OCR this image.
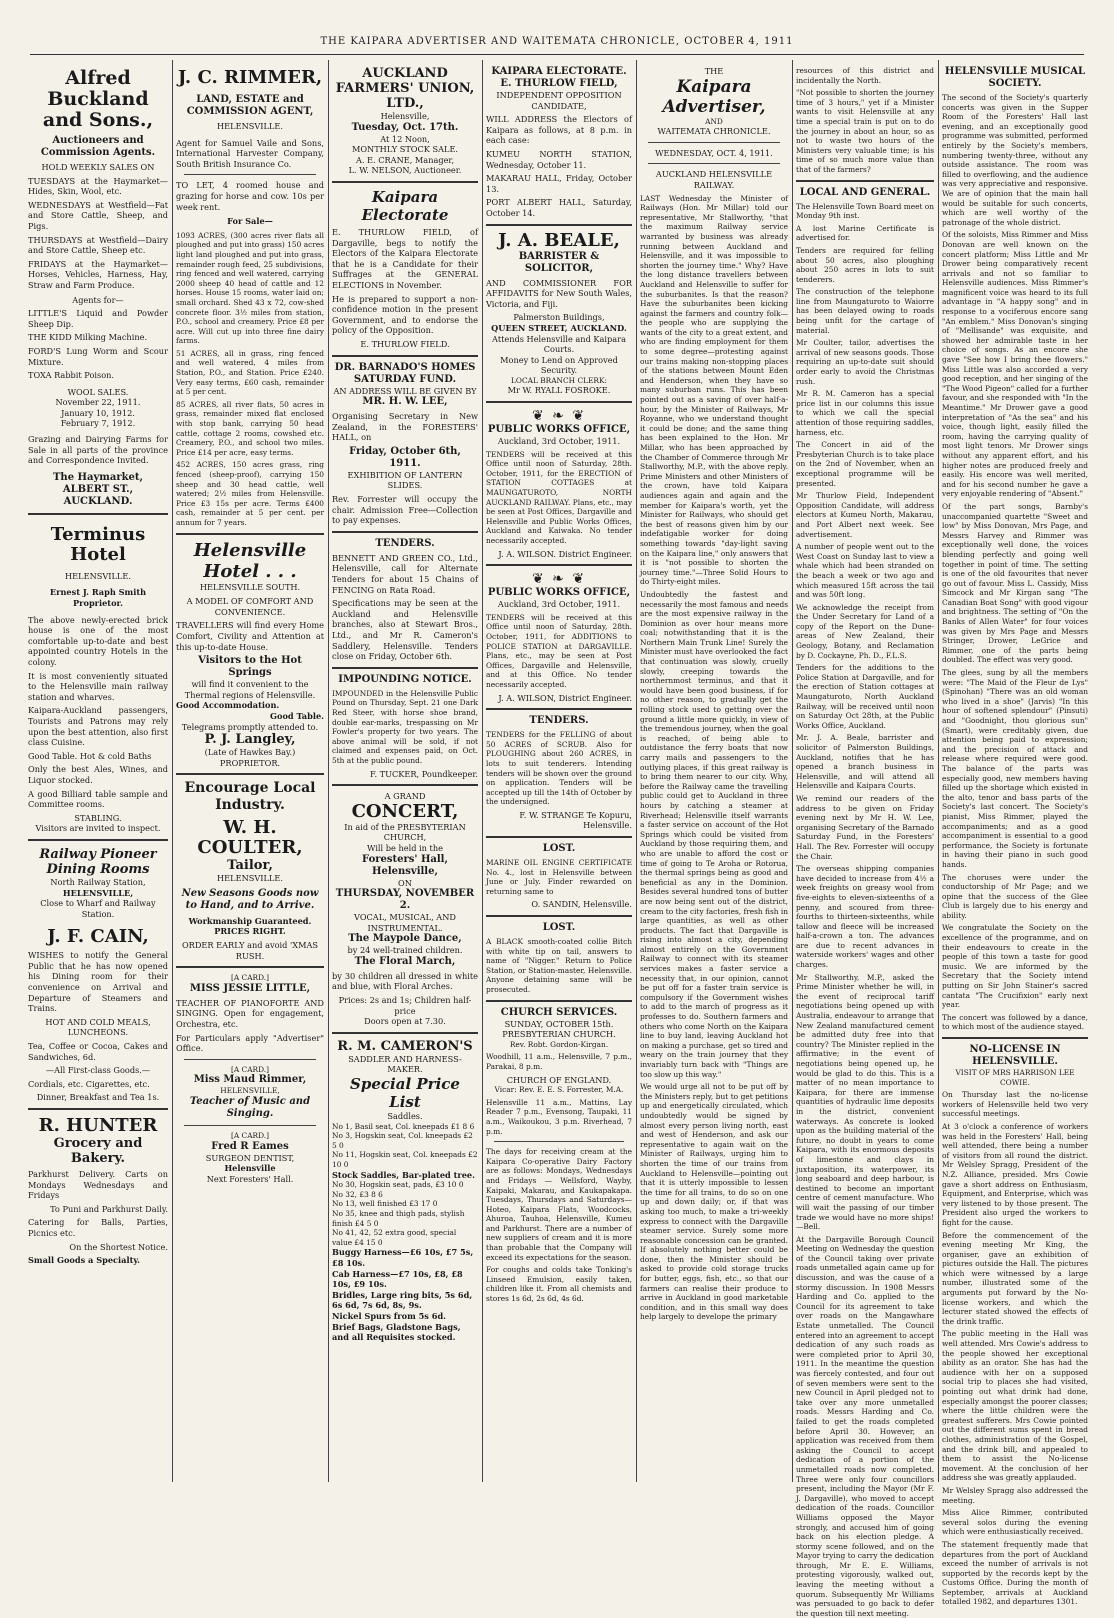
THE KAIPARA ADVERTISER AND WAITEMATA CHRONICLE, OCTOBER 4, 1911
Alfred Buckland and Sons.,
Auctioneers and Commission Agents.
HOLD WEEKLY SALES ON
TUESDAYS at the Haymarket—Hides, Skin, Wool, etc.
WEDNESDAYS at Westfield—Fat and Store Cattle, Sheep, and Pigs.
THURSDAYS at Westfield—Dairy and Store Cattle, Sheep etc.
FRIDAYS at the Haymarket—Horses, Vehicles, Harness, Hay, Straw and Farm Produce.
Agents for—
LITTLE'S Liquid and Powder Sheep Dip.
THE KIDD Milking Machine.
FORD'S Lung Worm and Scour Mixture.
TOXA Rabbit Poison.
WOOL SALES.
November 22, 1911.
January 10, 1912.
February 7, 1912.
Grazing and Dairying Farms for Sale in all parts of the province and Correspondence Invited.
The Haymarket,
ALBERT ST., AUCKLAND.
Terminus Hotel
HELENSVILLE.
Ernest J. Raph Smith Proprietor.
The above newly-erected brick house is one of the most comfortable up-to-date and best appointed country Hotels in the colony.
It is most conveniently situated to the Helensville main railway station and wharves.
Kaipara-Auckland passengers, Tourists and Patrons may rely upon the best attention, also first class Cuisine.
Good Table. Hot & cold Baths
Only the best Ales, Wines, and Liquor stocked.
A good Billiard table sample and Committee rooms.
STABLING.
Visitors are invited to inspect.
Railway Pioneer Dining Rooms
North Railway Station,
HELENSVILLE,
Close to Wharf and Railway Station.
J. F. CAIN,
WISHES to notify the General Public that he has now opened his Dining room for their convenience on Arrival and Departure of Steamers and Trains.
HOT AND COLD MEALS, LUNCHEONS.
Tea, Coffee or Cocoa, Cakes and Sandwiches, 6d.
—All First-class Goods.—
Cordials, etc. Cigarettes, etc.
Dinner, Breakfast and Tea 1s.
R. HUNTER
Grocery and Bakery.
Parkhurst Delivery. Carts on Mondays Wednesdays and Fridays
To Puni and Parkhurst Daily.
Catering for Balls, Parties, Picnics etc.
On the Shortest Notice.
Small Goods a Specialty.
J. C. RIMMER,
LAND, ESTATE and COMMISSION AGENT,
HELENSVILLE.
Agent for Samuel Vaile and Sons, International Harvester Company, South British Insurance Co.
TO LET, 4 roomed house and grazing for horse and cow. 10s per week rent.
For Sale—
1093 ACRES, (300 acres river flats all ploughed and put into grass) 150 acres light land ploughed and put into grass, remainder rough feed, 25 subdivisions, ring fenced and well watered, carrying 2000 sheep 40 head of cattle and 12 horses. House 15 rooms, water laid on; small orchard. Shed 43 x 72, cow-shed concrete floor. 3½ miles from station, P.O., school and creamery. Price £8 per acre. Will cut up into three fine dairy farms.
51 ACRES, all in grass, ring fenced and well watered, 4 miles from Station, P.O., and Station. Price £240. Very easy terms, £60 cash, remainder at 5 per cent.
85 ACRES, all river flats, 50 acres in grass, remainder mixed flat enclosed with stop bank, carrying 50 head cattle, cottage 2 rooms, cowshed etc. Creamery, P.O., and school two miles. Price £14 per acre, easy terms.
452 ACRES, 150 acres grass, ring fenced (sheep-proof), carrying 150 sheep and 30 head cattle, well watered; 2½ miles from Helensville. Price £3 15s per acre. Terms £400 cash, remainder at 5 per cent. per annum for 7 years.
Helensville Hotel . . .
HELENSVILLE SOUTH.
A MODEL OF COMFORT AND CONVENIENCE.
TRAVELLERS will find every Home Comfort, Civility and Attention at this up-to-date House.
Visitors to the Hot Springs
will find it convenient to the Thermal regions of Helensville.
Good Accommodation.
Good Table.
Telegrams promptly attended to.
P. J. Langley,
(Late of Hawkes Bay.)
PROPRIETOR.
Encourage Local Industry.
W. H. COULTER,
Tailor,
HELENSVILLE.
New Seasons Goods now to Hand, and to Arrive.
Workmanship Guaranteed. PRICES RIGHT.
ORDER EARLY and avoid 'XMAS RUSH.
[A CARD.]
MISS JESSIE LITTLE,
TEACHER OF PIANOFORTE AND SINGING. Open for engagement, Orchestra, etc.
For Particulars apply "Advertiser" Office.
[A CARD.]
Miss Maud Rimmer,
HELENSVILLE,
Teacher of Music and Singing.
[A CARD.]
Fred R Eames
SURGEON DENTIST,
Helensville
Next Foresters' Hall.
AUCKLAND FARMERS' UNION, LTD.,
Helensville,
Tuesday, Oct. 17th.
At 12 Noon,
MONTHLY STOCK SALE.
A. E. CRANE, Manager,
L. W. NELSON, Auctioneer.
Kaipara Electorate
E. THURLOW FIELD, of Dargaville, begs to notify the Electors of the Kaipara Electorate that he is a Candidate for their Suffrages at the GENERAL ELECTIONS in November.
He is prepared to support a non-confidence motion in the present Government, and to endorse the policy of the Opposition.
E. THURLOW FIELD.
DR. BARNADO'S HOMES SATURDAY FUND.
AN ADDRESS WILL BE GIVEN BY
MR. H. W. LEE,
Organising Secretary in New Zealand, in the FORESTERS' HALL, on
Friday, October 6th, 1911.
EXHIBITION OF LANTERN SLIDES.
Rev. Forrester will occupy the chair. Admission Free—Collection to pay expenses.
TENDERS.
BENNETT AND GREEN CO., Ltd., Helensville, call for Alternate Tenders for about 15 Chains of FENCING on Rata Road.
Specifications may be seen at the Auckland and Helensville branches, also at Stewart Bros., Ltd., and Mr R. Cameron's Saddlery, Helensville. Tenders close on Friday, October 6th.
IMPOUNDING NOTICE.
IMPOUNDED in the Helensville Public Pound on Thursday, Sept. 21 one Dark Red Steer, with horse shoe brand, double ear-marks, trespassing on Mr Fowler's property for two years. The above animal will be sold, if not claimed and expenses paid, on Oct. 5th at the public pound.
F. TUCKER, Poundkeeper.
A GRAND
CONCERT,
In aid of the PRESBYTERIAN CHURCH,
Will be held in the
Foresters' Hall, Helensville,
ON
THURSDAY, NOVEMBER 2.
VOCAL, MUSICAL, AND INSTRUMENTAL.
The Maypole Dance,
by 24 well-trained children.
The Floral March,
by 30 children all dressed in white and blue, with Floral Arches.
Prices: 2s and 1s; Children half-price
Doors open at 7.30.
R. M. CAMERON'S
SADDLER AND HARNESS-MAKER.
Special Price List
Saddles.
No 1, Basil seat, Col. kneepads £1 8 6
No 3, Hogskin seat, Col. kneepads £2 5 0
No 11, Hogskin seat, Col. kneepads £2 10 0
Stock Saddles, Bar-plated tree.
No 30, Hogskin seat, pads, £3 10 0
No 32, £3 8 6
No 13, well finished £3 17 0
No 35, knee and thigh pads, stylish finish £4 5 0
No 41, 42, 52 extra good, special value £4 15 0
Buggy Harness—£6 10s, £7 5s, £8 10s.
Cab Harness—£7 10s, £8, £8 10s, £9 10s.
Bridles, Large ring bits, 5s 6d, 6s 6d, 7s 6d, 8s, 9s.
Nickel Spurs from 5s 6d.
Brief Bags, Gladstone Bags, and all Requisites stocked.
KAIPARA ELECTORATE.
E. THURLOW FIELD,
INDEPENDENT OPPOSITION CANDIDATE,
WILL ADDRESS the Electors of Kaipara as follows, at 8 p.m. in each case:
KUMEU NORTH STATION, Wednesday, October 11.
MAKARAU HALL, Friday, October 13.
PORT ALBERT HALL, Saturday, October 14.
J. A. BEALE,
BARRISTER & SOLICITOR,
AND COMMISSIONER FOR AFFIDAVITS for New South Wales, Victoria, and Fiji.
Palmerston Buildings,
QUEEN STREET, AUCKLAND.
Attends Helensville and Kaipara Courts.
Money to Lend on Approved Security.
LOCAL BRANCH CLERK:
Mr W. RYALL FOSROKE.
❦ ❧ ❦
PUBLIC WORKS OFFICE,
Auckland, 3rd October, 1911.
TENDERS will be received at this Office until noon of Saturday, 28th. October, 1911, for the ERECTION of STATION COTTAGES at MAUNGATUROTO, NORTH AUCKLAND RAILWAY. Plans, etc., may be seen at Post Offices, Dargaville and Helensville and Public Works Offices, Auckland and Kaiwaka. No tender necessarily accepted.
J. A. WILSON. District Engineer.
❦ ❧ ❦
PUBLIC WORKS OFFICE,
Auckland, 3rd October, 1911.
TENDERS will be received at this Office until noon of Saturday, 28th. October, 1911, for ADDITIONS to POLICE STATION at DARGAVILLE. Plans, etc., may be seen at Post Offices, Dargaville and Helensville, and at this Office. No tender necessarily accepted.
J. A. WILSON, District Engineer.
TENDERS.
TENDERS for the FELLING of about 50 ACRES of SCRUB. Also for PLOUGHING about 260 ACRES, in lots to suit tenderers. Intending tenders will be shown over the ground on application. Tenders will be accepted up till the 14th of October by the undersigned.
F. W. STRANGE Te Kopuru, Helensville.
LOST.
MARINE OIL ENGINE CERTIFICATE No. 4., lost in Helensville between June or July. Finder rewarded on returning same to
O. SANDIN, Helensville.
LOST.
A BLACK smooth-coated collie Bitch with white tip on tail, answers to name of "Nigger." Return to Police Station, or Station-master, Helensville. Anyone detaining same will be prosecuted.
CHURCH SERVICES.
SUNDAY, OCTOBER 15th.
PRESBYTERIAN CHURCH.
Rev. Robt. Gordon-Kirgan.
Woodhill, 11 a.m., Helensville, 7 p.m., Parakai, 8 p.m.
CHURCH OF ENGLAND.
Vicar: Rev. E. E. S. Forrester, M.A.
Helensville 11 a.m., Mattins, Lay Reader 7 p.m., Evensong, Taupaki, 11 a.m., Waikoukou, 3 p.m. Riverhead, 7 p.m.
The days for receiving cream at the Kaipara Co-operative Dairy Factory are as follows: Mondays, Wednesdays and Fridays — Wellsford, Wayby, Kaipaki, Makarau, and Kaukapakapa. Tuesdays, Thursdays and Saturdays—Hoteo, Kaipara Flats, Woodcocks, Ahuroa, Tauhoa, Helensville, Kumeu and Parkhurst. There are a number of new suppliers of cream and it is more than probable that the Company will exceed its expectations for the season.
For coughs and colds take Tonking's Linseed Emulsion, easily taken, children like it. From all chemists and stores 1s 6d, 2s 6d, 4s 6d.
THE
Kaipara Advertiser,
AND
WAITEMATA CHRONICLE.
WEDNESDAY, OCT. 4, 1911.
AUCKLAND HELENSVILLE RAILWAY.
LAST Wednesday the Minister of Railways (Hon. Mr Millar) told our representative, Mr Stallworthy, "that the maximum Railway service warranted by business was already running between Auckland and Helensville, and it was impossible to shorten the journey time." Why? Have the long distance travellers between Auckland and Helensville to suffer for the suburbanites. Is that the reason? Have the suburbanites been kicking against the farmers and country folk—the people who are supplying the wants of the city to a great extent, and who are finding employment for them to some degree—protesting against our trains making non-stopping places of the stations between Mount Eden and Henderson, when they have so many suburban runs. This has been pointed out as a saving of over half-a-hour, by the Minister of Railways, Mr Royanne, who we understand thought it could be done; and the same thing has been explained to the Hon. Mr Millar, who has been approached by the Chamber of Commerce through Mr Stallworthy, M.P., with the above reply. Prime Ministers and other Ministers of the crown, have told Kaipara audiences again and again and the member for Kaipara's worth, yet the Minister for Railways, who should get the best of reasons given him by our indefatigable worker for doing something towards "day-light saving on the Kaipara line," only answers that it is "not possible to shorten the journey time."—Three Solid Hours to do Thirty-eight miles.
Undoubtedly the fastest and necessarily the most famous and needs are the most expensive railway in the Dominion as over hour means more coal; notwithstanding that it is the Northern Main Trunk Line! Surely the Minister must have overlooked the fact that continuation was slowly, cruelly slowly, creeping towards the northernmost terminus, and that it would have been good business, if for no other reason, to gradually get the rolling stock used to getting over the ground a little more quickly, in view of the tremendous journey, when the goal is reached, of being able to outdistance the ferry boats that now carry mails and passengers to the outlying places, if this great railway is to bring them nearer to our city. Why, before the Railway came the travelling public could get to Auckland in three hours by catching a steamer at Riverhead; Helensville itself warrants a faster service on account of the Hot Springs which could be visited from Auckland by those requiring them, and who are unable to afford the cost or time of going to Te Aroha or Rotorua, the thermal springs being as good and beneficial as any in the Dominion. Besides several hundred tons of butter are now being sent out of the district, cream to the city factories, fresh fish in large quantities, as well as other products. The fact that Dargaville is rising into almost a city, depending almost entirely on the Government Railway to connect with its steamer services makes a faster service a necessity that, in our opinion, cannot be put off for a faster train service is compulsory if the Government wishes to add to the march of progress as it professes to do. Southern farmers and others who come North on the Kaipara line to buy land, leaving Auckland hot on making a purchase, get so tired and weary on the train journey that they invariably turn back with "Things are too slow up this way."
We would urge all not to be put off by the Ministers reply, but to get petitions up and energetically circulated, which undoubtedly would be signed by almost every person living north, east and west of Henderson, and ask our representative to again wait on the Minister of Railways, urging him to shorten the time of our trains from Auckland to Helensville—pointing out that it is utterly impossible to lessen the time for all trains, to do so on one up and down daily; or, if that was asking too much, to make a tri-weekly express to connect with the Dargaville steamer service. Surely some more reasonable concession can be granted. If absolutely nothing better could be done, then the Minister should be asked to provide cold storage trucks for butter, eggs, fish, etc., so that our farmers can realise their produce to arrive in Auckland in good marketable condition, and in this small way does help largely to develope the primary
resources of this district and incidentally the North.
"Not possible to shorten the journey time of 3 hours," yet if a Minister wants to visit Helensville at any time a special train is put on to do the journey in about an hour, so as not to waste two hours of the Ministers very valuable time; is his time of so much more value than that of the farmers?
LOCAL AND GENERAL.
The Helensville Town Board meet on Monday 9th inst.
A lost Marine Certificate is advertised for.
Tenders are required for felling about 50 acres, also ploughing about 250 acres in lots to suit tenderers.
The construction of the telephone line from Maungaturoto to Waiorre has been delayed owing to roads being unfit for the cartage of material.
Mr Coulter, tailor, advertises the arrival of new seasons goods. Those requiring an up-to-date suit should order early to avoid the Christmas rush.
Mr R. M. Cameron has a special price list in our columns this issue to which we call the special attention of those requiring saddles, harness, etc.
The Concert in aid of the Presbyterian Church is to take place on the 2nd of November, when an exceptional programme will be presented.
Mr Thurlow Field, Independent Opposition Candidate, will address electors at Kumeu North, Makarau, and Port Albert next week. See advertisement.
A number of people went out to the West Coast on Sunday last to view a whale which had been stranded on the beach a week or two ago and which measured 15ft across the tail and was 50ft long.
We acknowledge the receipt from the Under Secretary for Land of a copy of the Report on the Dune-areas of New Zealand, their Geology, Botany, and Reclamation by D. Cockayne, Ph. D., F.L.S.
Tenders for the additions to the Police Station at Dargaville, and for the erection of Station cottages at Maungaturoto, North Auckland Railway, will be received until noon on Saturday Oct 28th, at the Public Works Office, Auckland.
Mr. J. A. Beale, barrister and solicitor of Palmerston Buildings, Auckland, notifies that he has opened a branch business in Helensville, and will attend all Helensville and Kaipara Courts.
We remind our readers of the address to be given on Friday evening next by Mr H. W. Lee, organising Secretary of the Barnado Saturday Fund, in the Foresters' Hall. The Rev. Forrester will occupy the Chair.
The overseas shipping companies have decided to increase from 4½ a week freights on greasy wool from five-eights to eleven-sixteenths of a penny, and scoured from three-fourths to thirteen-sixteenths, while tallow and fleece will be increased half-a-crown a ton. The advances are due to recent advances in waterside workers' wages and other charges.
Mr Stallworthy, M.P., asked the Prime Minister whether he will, in the event of reciprocal tariff negotiations being opened up with Australia, endeavour to arrange that New Zealand manufactured cement be admitted duty free into that country? The Minister replied in the affirmative; in the event of negotiations being opened up, he would be glad to do this. This is a matter of no mean importance to Kaipara, for there are immense quantities of hydraulic lime deposits in the district, convenient waterways. As concrete is looked upon as the building material of the future, no doubt in years to come Kaipara, with its enormous deposits of limestone and clays in juxtaposition, its waterpower, its long seaboard and deep harbour, is destined to become an important centre of cement manufacture. Who will wait the passing of our timber trade we would have no more ships!—Bell.
At the Dargaville Borough Council Meeting on Wednesday the question of the Council taking over private roads unmetalled again came up for discussion, and was the cause of a stormy discussion. In 1908 Messrs Harding and Co. applied to the Council for its agreement to take over roads on the Mangawhare Estate unmetalled. The Council entered into an agreement to accept dedication of any such roads as were completed prior to April 30, 1911. In the meantime the question was fiercely contested, and four out of seven members were sent to the new Council in April pledged not to take over any more unmetalled roads. Messrs Harding and Co. failed to get the roads completed before April 30. However, an application was received from them asking the Council to accept dedication of a portion of the unmetalled roads now completed. Three were only four councillors present, including the Mayor (Mr F. J. Dargaville), who moved to accept dedication of the roads. Councillor Williams opposed the Mayor strongly, and accused him of going back on his election pledge. A stormy scene followed, and on the Mayor trying to carry the dedication through, Mr E. E. Williams, protesting vigorously, walked out, leaving the meeting without a quorum. Subsequently Mr Williams was persuaded to go back to defer the question till next meeting.
HELENSVILLE MUSICAL SOCIETY.
The second of the Society's quarterly concerts was given in the Supper Room of the Foresters' Hall last evening, and an exceptionally good programme was submitted, performed entirely by the Society's members, numbering twenty-three, without any outside assistance. The room was filled to overflowing, and the audience was very appreciative and responsive. We are of opinion that the main hall would be suitable for such concerts, which are well worthy of the patronage of the whole district.
Of the soloists, Miss Rimmer and Miss Donovan are well known on the concert platform; Miss Little and Mr Drower being comparatively recent arrivals and not so familiar to Helensville audiences. Miss Rimmer's magnificent voice was heard to its full advantage in "A happy song" and in response to a vociferous encore sang "An emblem." Miss Donovan's singing of "Mellisande" was exquisite, and showed her admirable taste in her choice of songs. As an encore she gave "See how I bring thee flowers." Miss Little was also accorded a very good reception, and her singing of the "The Wood Pigeon" called for a further favour, and she responded with "In the Meantime." Mr Drower gave a good interpretation of "As the sea" and his voice, though light, easily filled the room, having the carrying quality of most light tenors. Mr Drower sings without any apparent effort, and his higher notes are produced freely and easily. His encore was well merited, and for his second number he gave a very enjoyable rendering of "Absent."
Of the part songs, Barnby's unaccompanied quartette "Sweet and low" by Miss Donovan, Mrs Page, and Messrs Harvey and Rimmer was exceptionally well done, the voices blending perfectly and going well together in point of time. The setting is one of the old favourites that never go out of favour. Miss L. Cassidy, Miss Simcock and Mr Kirgan sang "The Canadian Boat Song" with good vigour and brightness. The setting of "On the Banks of Allen Water" for four voices was given by Mrs Page and Messrs Stringer, Drower, LeGrice and Rimmer, one of the parts being doubled. The effect was very good.
The glees, sung by all the members were: "The Maid of the Fleur de Lys" (Spinohan) "There was an old woman who lived in a shoe" (Jarvis) "In this hour of softened splendour" (Pinsuti) and "Goodnight, thou glorious sun" (Smart), were creditably given, due attention being paid to expression; and the precision of attack and release where required were good. The balance of the parts was especially good, new members having filled up the shortage which existed in the alto, tenor and bass parts of the Society's last concert. The Society's pianist, Miss Rimmer, played the accompaniments; and as a good accompaniment is essential to a good performance, the Society is fortunate in having their piano in such good hands.
The choruses were under the conductorship of Mr Page; and we opine that the success of the Glee Club is largely due to his energy and ability.
We congratulate the Society on the excellence of the programme, and on their endeavours to create in the people of this town a taste for good music. We are informed by the Secretary that the Society intend putting on Sir John Stainer's sacred cantata "The Crucifixion" early next year.
The concert was followed by a dance, to which most of the audience stayed.
NO-LICENSE IN HELENSVILLE.
VISIT OF MRS HARRISON LEE COWIE.
On Thursday last the no-license workers of Helensville held two very successful meetings.
At 3 o'clock a conference of workers was held in the Foresters' Hall, being well attended, there being a number of visitors from all round the district. Mr Welsley Spragg, President of the N.Z. Alliance, presided. Mrs Cowie gave a short address on Enthusiasm, Equipment, and Enterprise, which was very listened to by those present. The President also urged the workers to fight for the cause.
Before the commencement of the evening meeting Mr King, the organiser, gave an exhibition of pictures outside the Hall. The pictures which were witnessed by a large number, illustrated some of the arguments put forward by the No-license workers, and which the lecturer stated showed the effects of the drink traffic.
The public meeting in the Hall was well attended. Mrs Cowie's address to the people showed her exceptional ability as an orator. She has had the audience with her on a supposed social trip to places she had visited, pointing out what drink had done, especially amongst the poorer classes; where the little children were the greatest sufferers. Mrs Cowie pointed out the different sums spent in bread clothes, administration of the Gospel, and the drink bill, and appealed to them to assist the No-license movement. At the conclusion of her address she was greatly applauded.
Mr Welsley Spragg also addressed the meeting.
Miss Alice Rimmer, contributed several solos during the evening which were enthusiastically received.
The statement frequently made that departures from the port of Auckland exceed the number of arrivals is not supported by the records kept by the Customs Office. During the month of September, arrivals at Auckland totalled 1982, and departures 1301.
